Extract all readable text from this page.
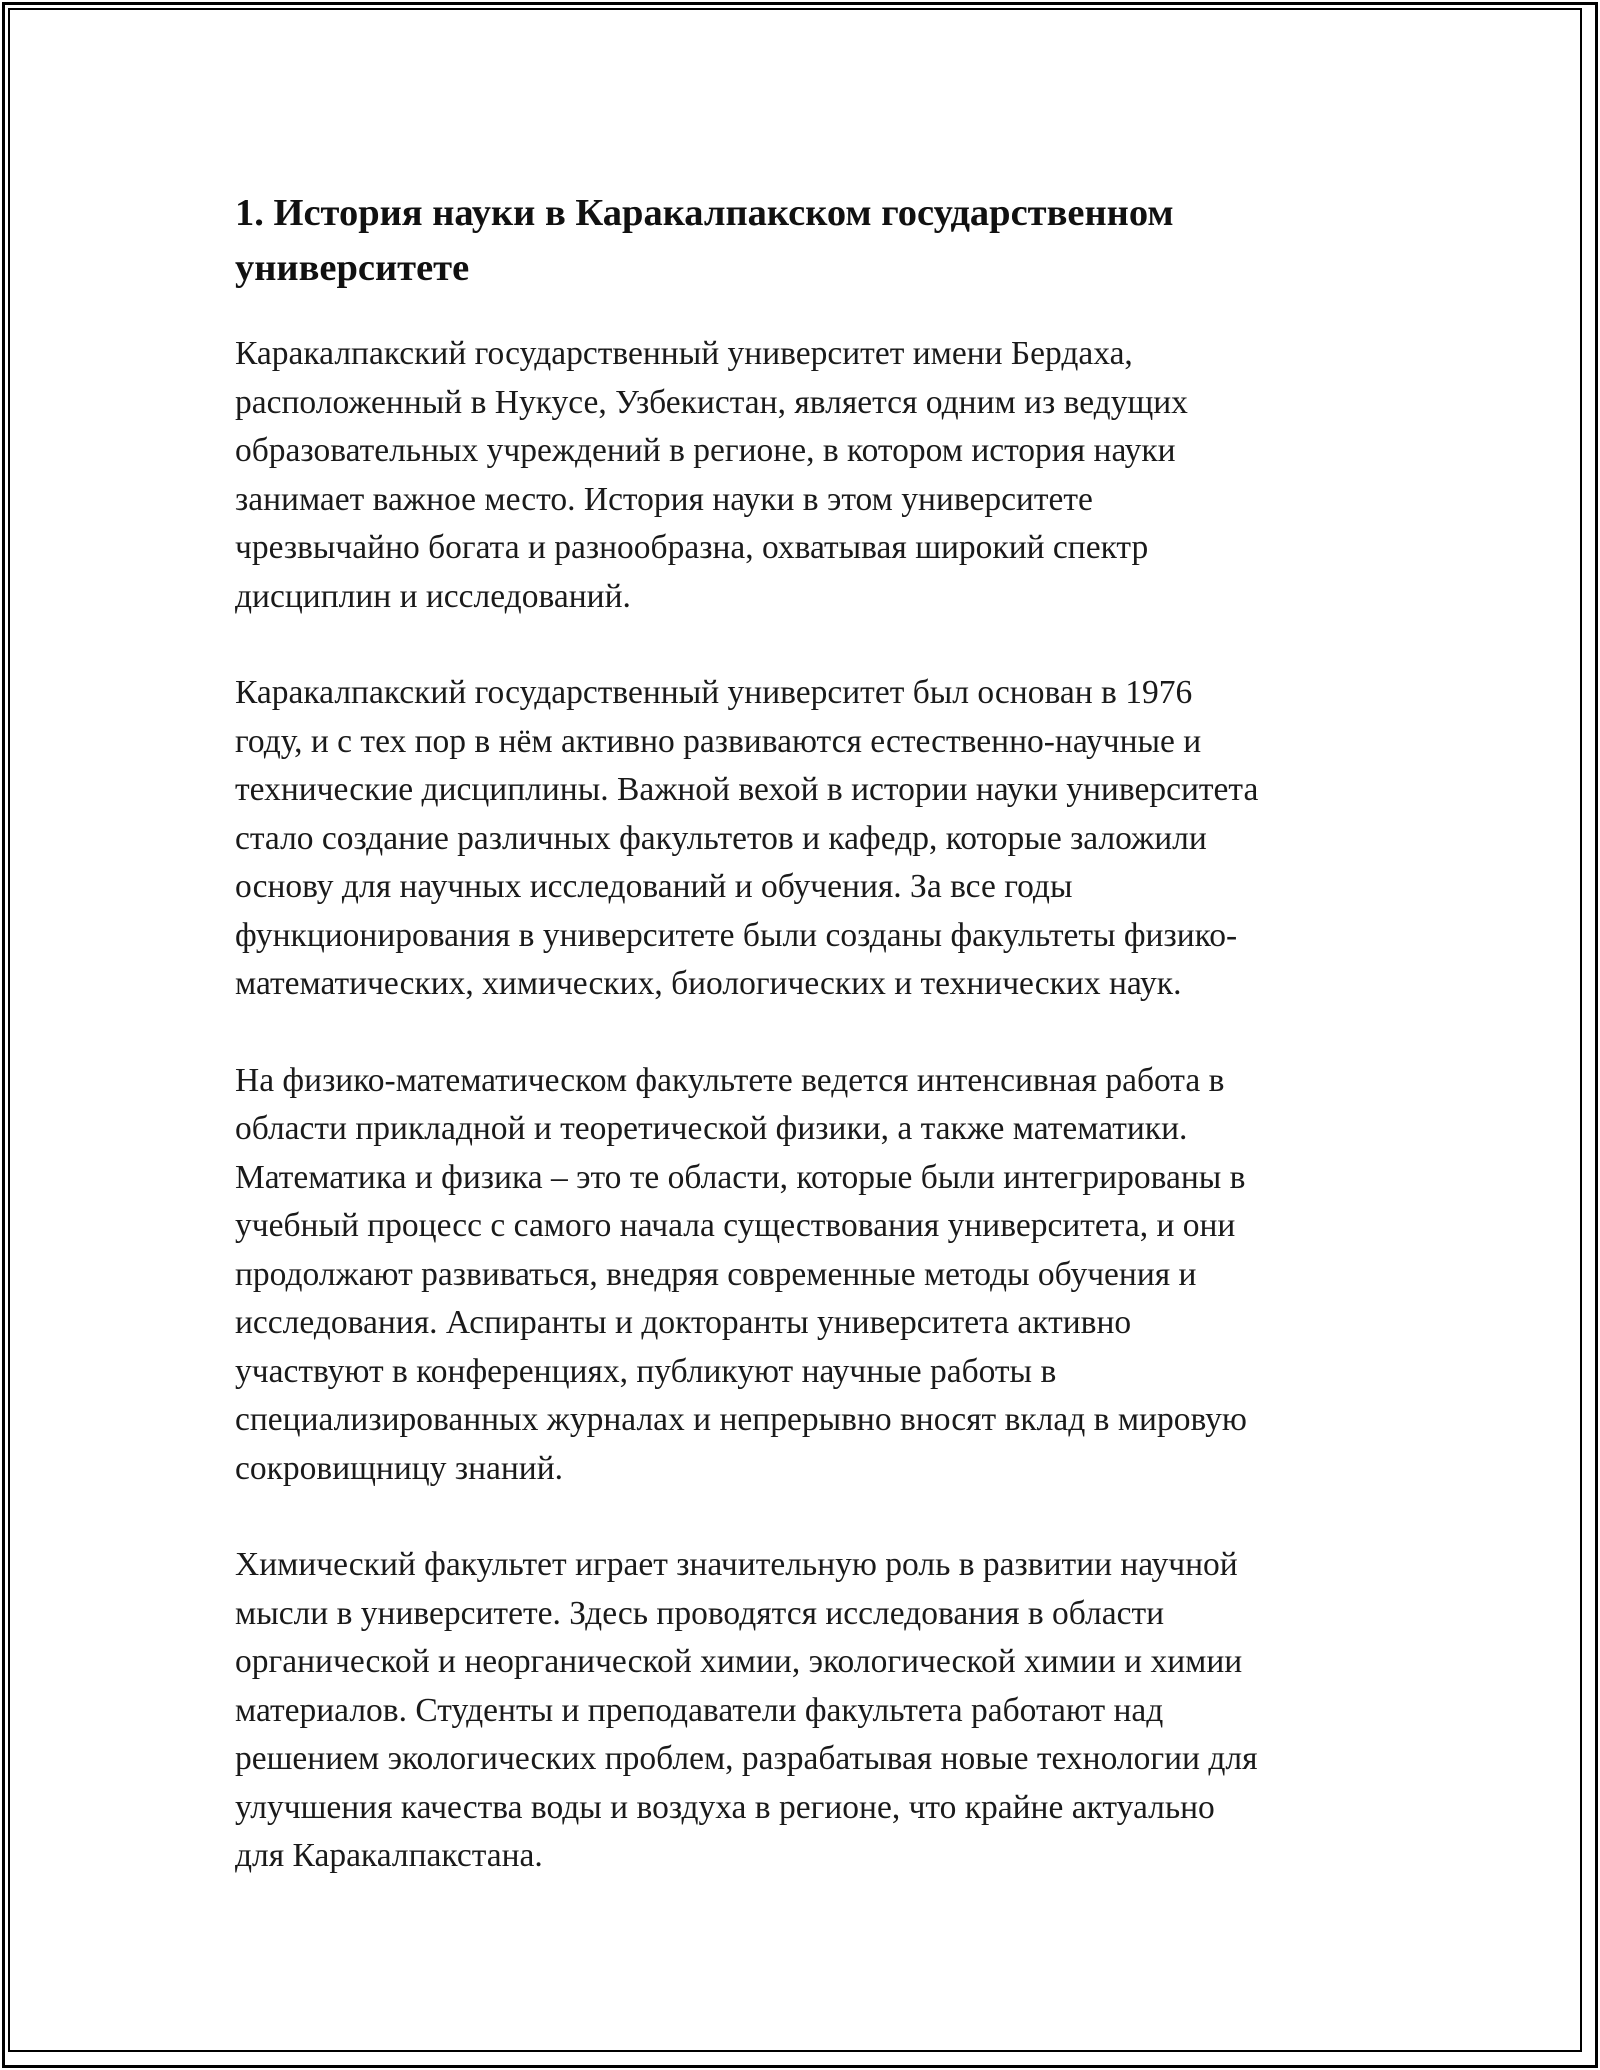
1. История науки в Каракалпакском государственном
университете

Каракалпакский государственный университет имени Бердаха,
расположенный в Нукусе, Узбекистан, является одним из ведущих
образовательных учреждений в регионе, в котором история науки
занимает важное место. История науки в этом университете
чрезвычайно богата и разнообразна, охватывая широкий спектр
дисциплин и исследований.

Каракалпакский государственный университет был основан в 1976
году, и с тех пор в нём активно развиваются естественно-научные и
технические дисциплины. Важной вехой в истории науки университета
стало создание различных факультетов и кафедр, которые заложили
основу для научных исследований и обучения. За все годы
функционирования в университете были созданы факультеты физико-
математических, химических, биологических и технических наук.

На физико-математическом факультете ведется интенсивная работа в
области прикладной и теоретической физики, а также математики.
Математика и физика – это те области, которые были интегрированы в
учебный процесс с самого начала существования университета, и они
продолжают развиваться, внедряя современные методы обучения и
исследования. Аспиранты и докторанты университета активно
участвуют в конференциях, публикуют научные работы в
специализированных журналах и непрерывно вносят вклад в мировую
сокровищницу знаний.

Химический факультет играет значительную роль в развитии научной
мысли в университете. Здесь проводятся исследования в области
органической и неорганической химии, экологической химии и химии
материалов. Студенты и преподаватели факультета работают над
решением экологических проблем, разрабатывая новые технологии для
улучшения качества воды и воздуха в регионе, что крайне актуально
для Каракалпакстана.
